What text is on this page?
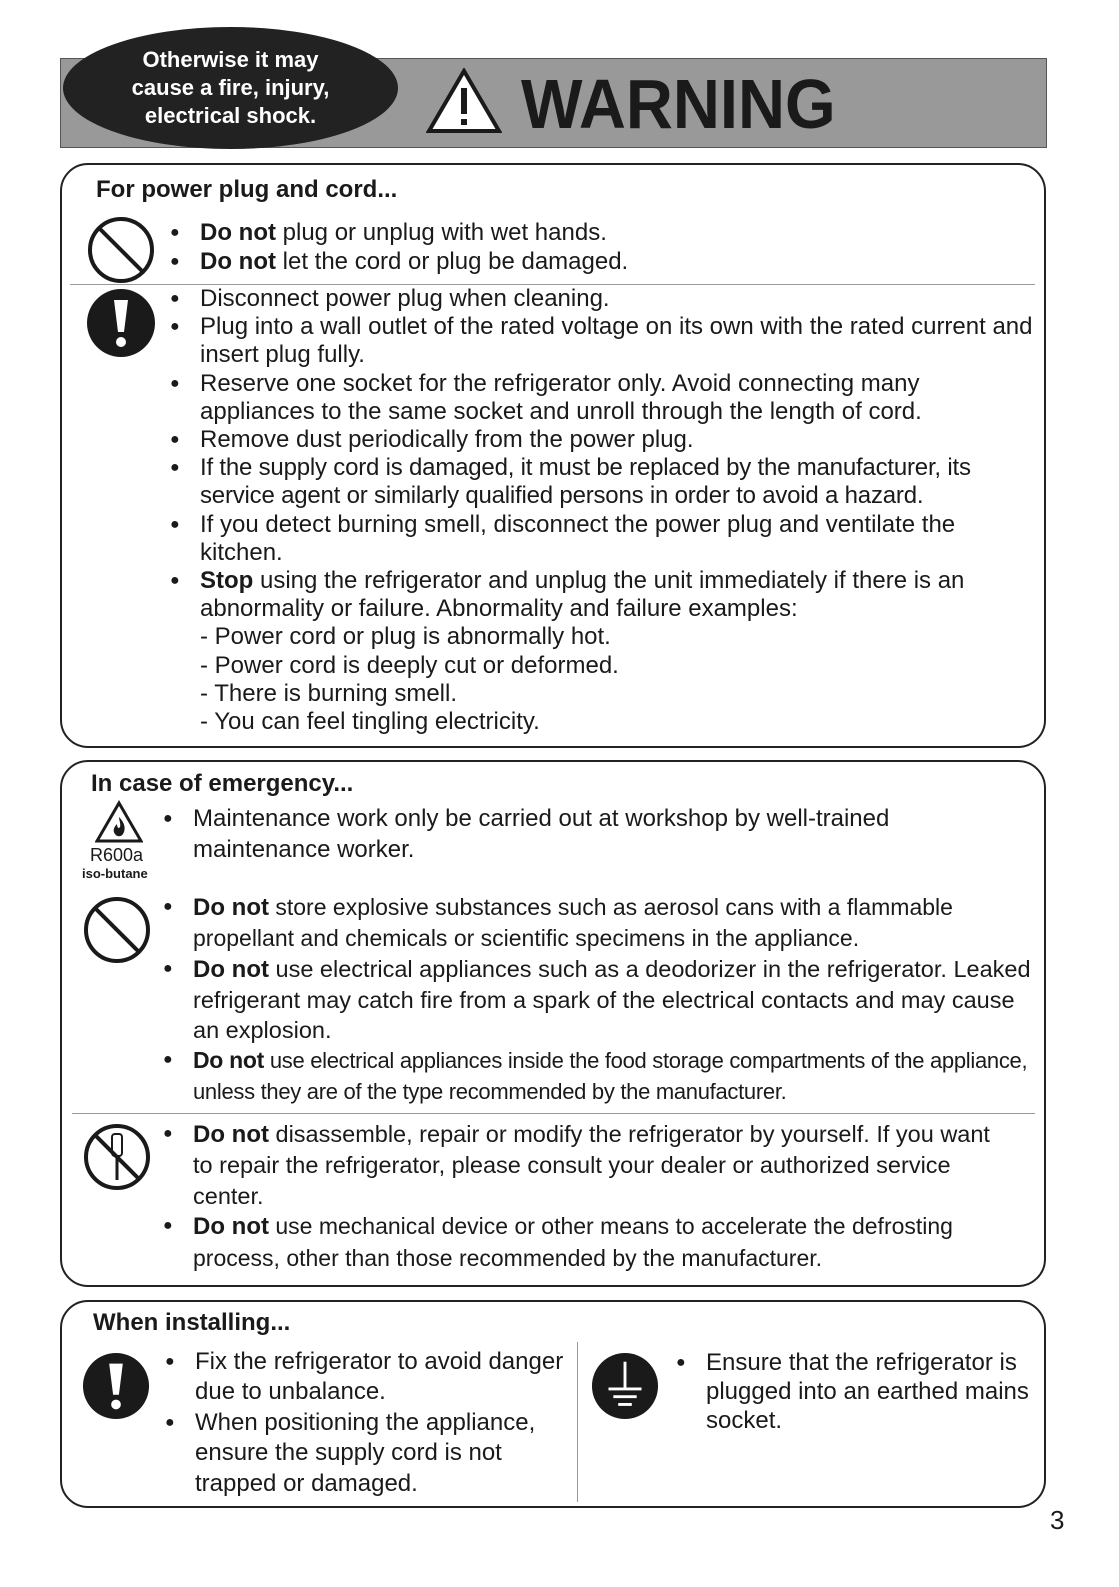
Otherwise it may
cause a fire, injury,
electrical shock.	WARNING
For power plug and cord...
● Do not plug or unplug with wet hands.
● Do not let the cord or plug be damaged.
● Disconnect power plug when cleaning.
● Plug into a wall outlet of the rated voltage on its own with the rated current and insert plug fully.
● Reserve one socket for the refrigerator only. Avoid connecting many appliances to the same socket and unroll through the length of cord.
● Remove dust periodically from the power plug.
● If the supply cord is damaged, it must be replaced by the manufacturer, its service agent or similarly qualified persons in order to avoid a hazard.
● If you detect burning smell, disconnect the power plug and ventilate the kitchen.
● Stop using the refrigerator and unplug the unit immediately if there is an abnormality or failure. Abnormality and failure examples:
- Power cord or plug is abnormally hot.
- Power cord is deeply cut or deformed.
- There is burning smell.
- You can feel tingling electricity.
In case of emergency...
R600a
iso-butane
● Maintenance work only be carried out at workshop by well-trained maintenance worker.
● Do not store explosive substances such as aerosol cans with a flammable propellant and chemicals or scientific specimens in the appliance.
● Do not use electrical appliances such as a deodorizer in the refrigerator. Leaked refrigerant may catch fire from a spark of the electrical contacts and may cause an explosion.
● Do not use electrical appliances inside the food storage compartments of the appliance, unless they are of the type recommended by the manufacturer.
● Do not disassemble, repair or modify the refrigerator by yourself. If you want to repair the refrigerator, please consult your dealer or authorized service center.
● Do not use mechanical device or other means to accelerate the defrosting process, other than those recommended by the manufacturer.
When installing...
● Fix the refrigerator to avoid danger due to unbalance.
● When positioning the appliance, ensure the supply cord is not trapped or damaged.
● Ensure that the refrigerator is plugged into an earthed mains socket.
3
